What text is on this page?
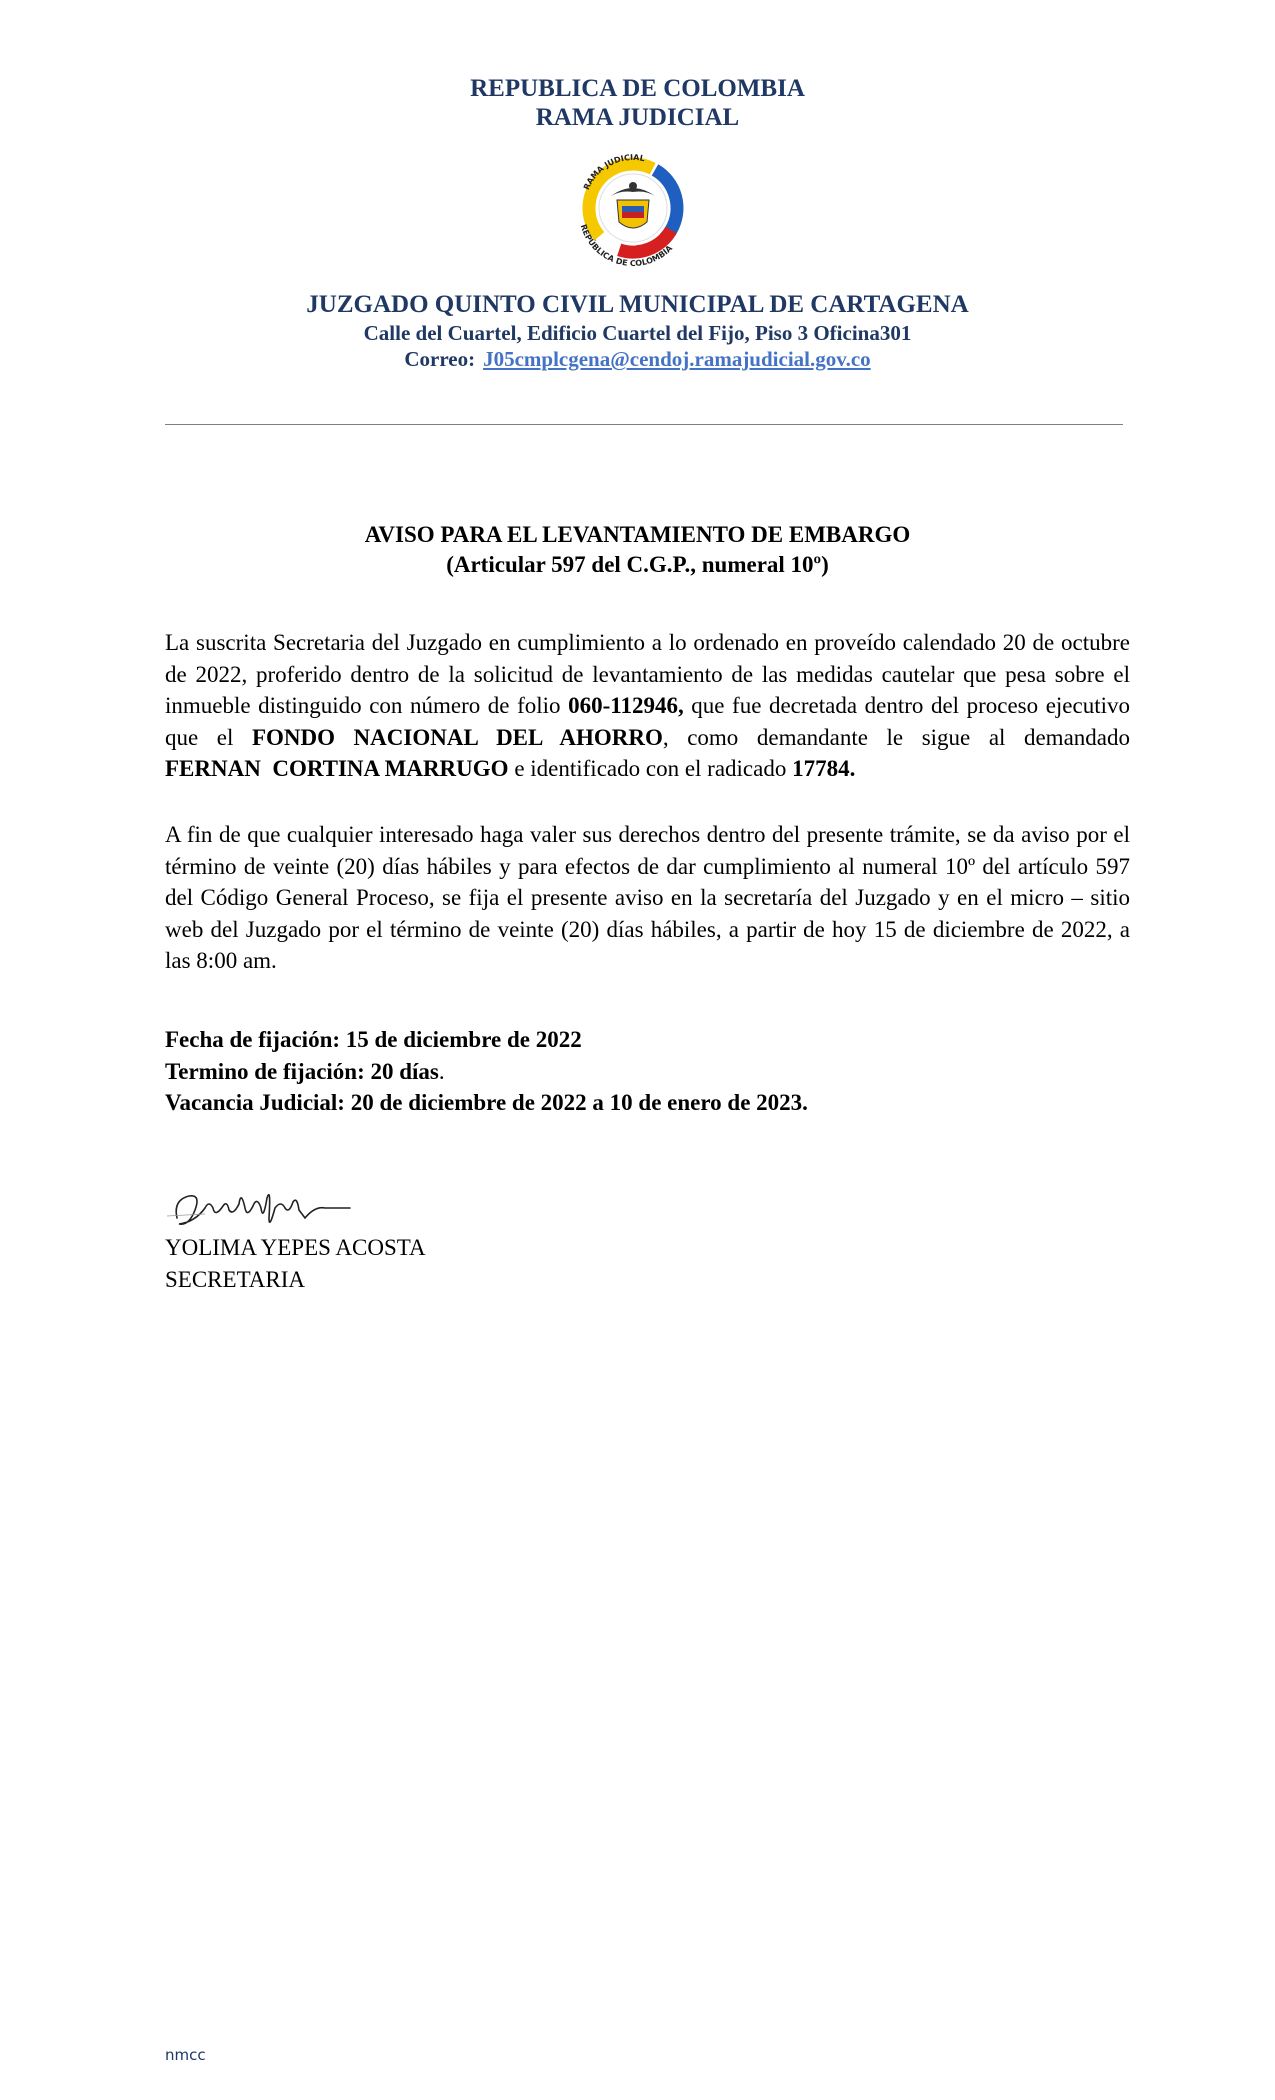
REPUBLICA DE COLOMBIA
RAMA JUDICIAL
RAMA JUDICIAL
REPÚBLICA DE COLOMBIA
JUZGADO QUINTO CIVIL MUNICIPAL DE CARTAGENA
Calle del Cuartel, Edificio Cuartel del Fijo, Piso 3 Oficina301
Correo: J05cmplcgena@cendoj.ramajudicial.gov.co
AVISO PARA EL LEVANTAMIENTO DE EMBARGO
(Articular 597 del C.G.P., numeral 10º)
La suscrita Secretaria del Juzgado en cumplimiento a lo ordenado en proveído calendado 20 de octubre de 2022, proferido dentro de la solicitud de levantamiento de las medidas cautelar que pesa sobre el inmueble distinguido con número de folio 060-112946, que fue decretada dentro del proceso ejecutivo que el FONDO NACIONAL DEL AHORRO, como demandante le sigue al demandado FERNAN  CORTINA MARRUGO e identificado con el radicado 17784.
A fin de que cualquier interesado haga valer sus derechos dentro del presente trámite, se da aviso por el término de veinte (20) días hábiles y para efectos de dar cumplimiento al numeral 10º del artículo 597 del Código General Proceso, se fija el presente aviso en la secretaría del Juzgado y en el micro – sitio web del Juzgado por el término de veinte (20) días hábiles, a partir de hoy 15 de diciembre de 2022, a las 8:00 am.
Fecha de fijación: 15 de diciembre de 2022
Termino de fijación: 20 días.
Vacancia Judicial: 20 de diciembre de 2022 a 10 de enero de 2023.
YOLIMA YEPES ACOSTA
SECRETARIA
nmcc
